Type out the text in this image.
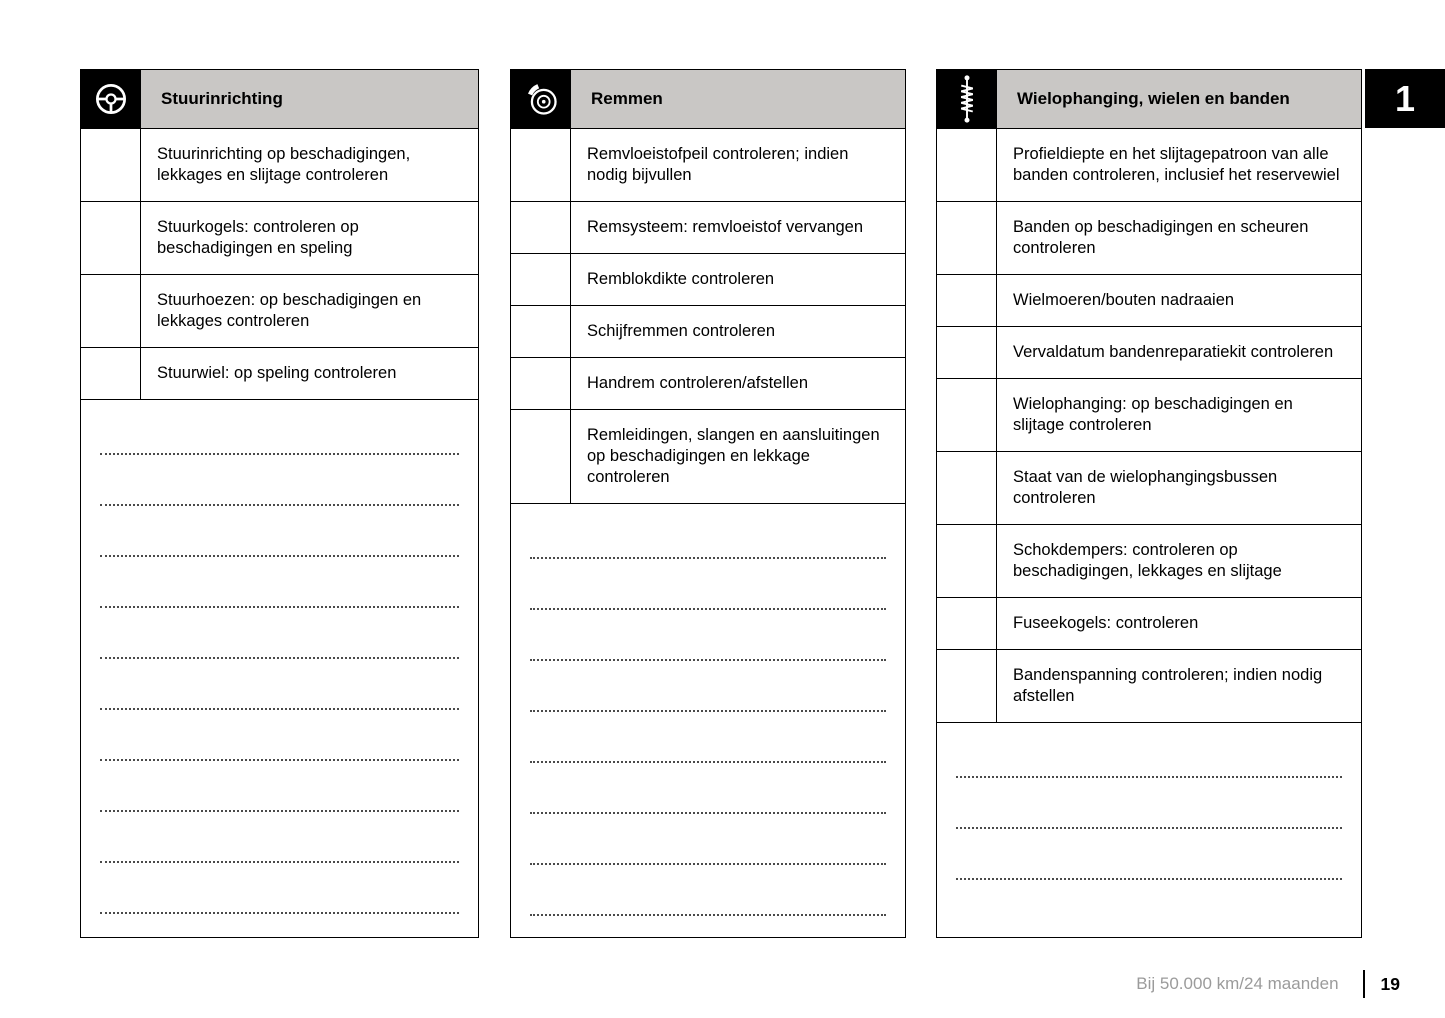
Stuurinrichting
Stuurinrichting op beschadigingen, lekkages en slijtage controleren
Stuurkogels: controleren op beschadigingen en speling
Stuurhoezen: op beschadigingen en lekkages controleren
Stuurwiel: op speling controleren
Remmen
Remvloeistofpeil controleren; indien nodig bijvullen
Remsysteem: remvloeistof vervangen
Remblokdikte controleren
Schijfremmen controleren
Handrem controleren/afstellen
Remleidingen, slangen en aansluitingen op beschadigingen en lekkage controleren
Wielophanging, wielen en banden
Profieldiepte en het slijtagepatroon van alle banden controleren, inclusief het reservewiel
Banden op beschadigingen en scheuren controleren
Wielmoeren/bouten nadraaien
Vervaldatum bandenreparatiekit controleren
Wielophanging: op beschadigingen en slijtage controleren
Staat van de wielophangingsbussen controleren
Schokdempers: controleren op beschadigingen, lekkages en slijtage
Fuseekogels: controleren
Bandenspanning controleren; indien nodig afstellen
1
Bij 50.000 km/24 maanden 19
